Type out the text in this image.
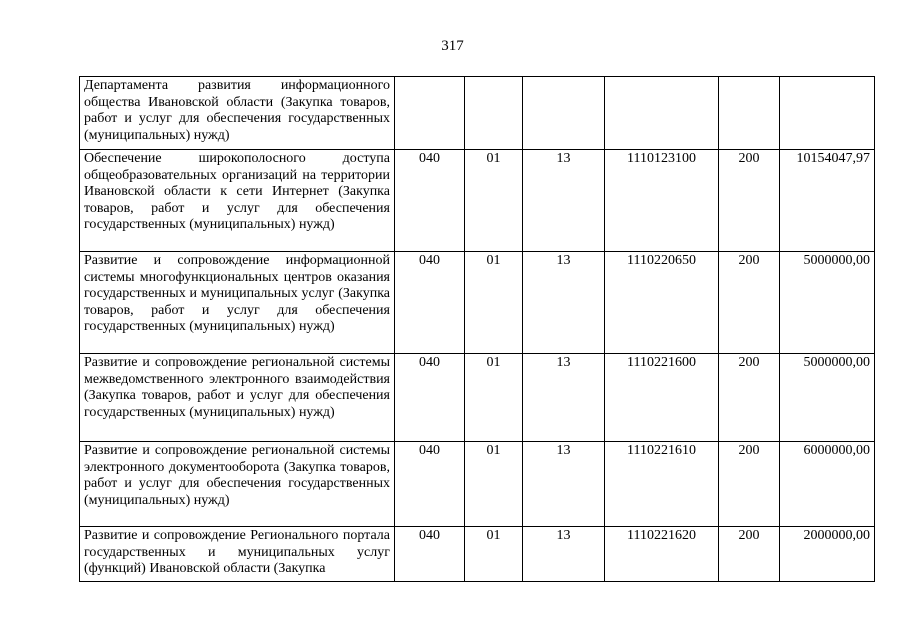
317
Департамента развития информационного общества Ивановской области (Закупка товаров, работ и услуг для обеспечения государственных (муниципальных) нужд)						
Обеспечение широкополосного доступа общеобразовательных организаций на территории Ивановской области к сети Интернет (Закупка товаров, работ и услуг для обеспечения государственных (муниципальных) нужд)	040	01	13	1110123100	200	10154047,97
Развитие и сопровождение информационной системы многофункциональных центров оказания государственных и муниципальных услуг (Закупка товаров, работ и услуг для обеспечения государственных (муниципальных) нужд)	040	01	13	1110220650	200	5000000,00
Развитие и сопровождение региональной системы межведомственного электронного взаимодействия (Закупка товаров, работ и услуг для обеспечения государственных (муниципальных) нужд)	040	01	13	1110221600	200	5000000,00
Развитие и сопровождение региональной системы электронного документооборота (Закупка товаров, работ и услуг для обеспечения государственных (муниципальных) нужд)	040	01	13	1110221610	200	6000000,00
Развитие и сопровождение Регионального портала государственных и муниципальных услуг (функций) Ивановской области (Закупка	040	01	13	1110221620	200	2000000,00
